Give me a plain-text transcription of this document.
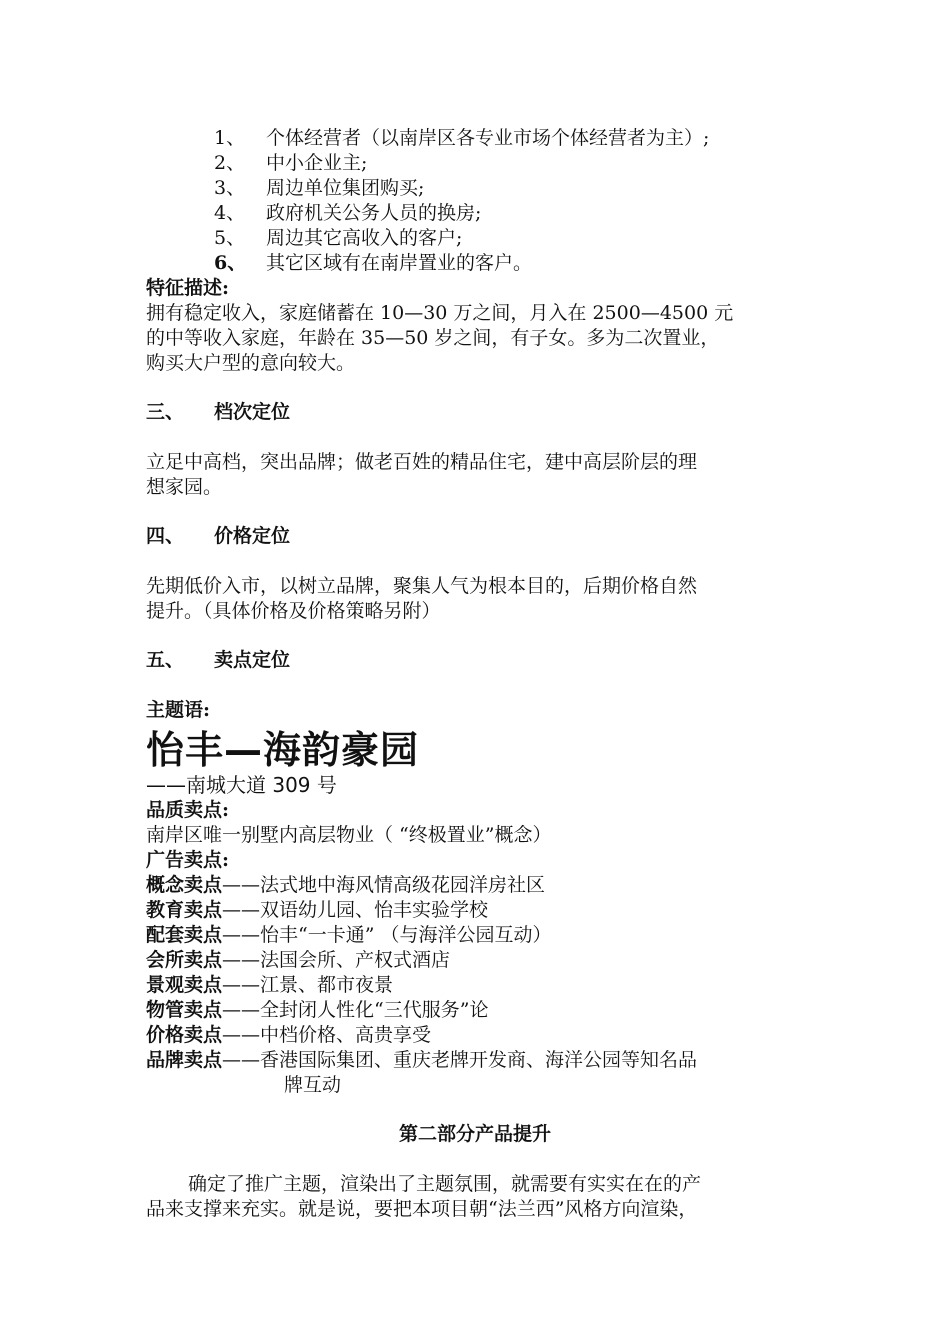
1、 个体经营者（以南岸区各专业市场个体经营者为主）;
2、 中小企业主;
3、 周边单位集团购买;
4、 政府机关公务人员的换房;
5、 周边其它高收入的客户;
6、 其它区域有在南岸置业的客户。
特征描述:
拥有稳定收入，家庭储蓄在 10—30 万之间，月入在 2500—4500 元
的中等收入家庭，年龄在 35—50 岁之间，有子女。多为二次置业，
购买大户型的意向较大。
三、 档次定位
立足中高档，突出品牌；做老百姓的精品住宅，建中高层阶层的理
想家园。
四、 价格定位
先期低价入市，以树立品牌，聚集人气为根本目的，后期价格自然
提升。（具体价格及价格策略另附）
五、 卖点定位
主题语:
怡丰—海韵豪园
——南城大道 309 号
品质卖点:
南岸区唯一别墅内高层物业（ “终极置业”概念）
广告卖点:
概念卖点——法式地中海风情高级花园洋房社区
教育卖点——双语幼儿园、怡丰实验学校
配套卖点——怡丰“一卡通” （与海洋公园互动）
会所卖点——法国会所、产权式酒店
景观卖点——江景、都市夜景
物管卖点——全封闭人性化“三代服务”论
价格卖点——中档价格、高贵享受
品牌卖点——香港国际集团、重庆老牌开发商、海洋公园等知名品
牌互动
第二部分产品提升
确定了推广主题，渲染出了主题氛围，就需要有实实在在的产
品来支撑来充实。就是说，要把本项目朝“法兰西”风格方向渲染，
